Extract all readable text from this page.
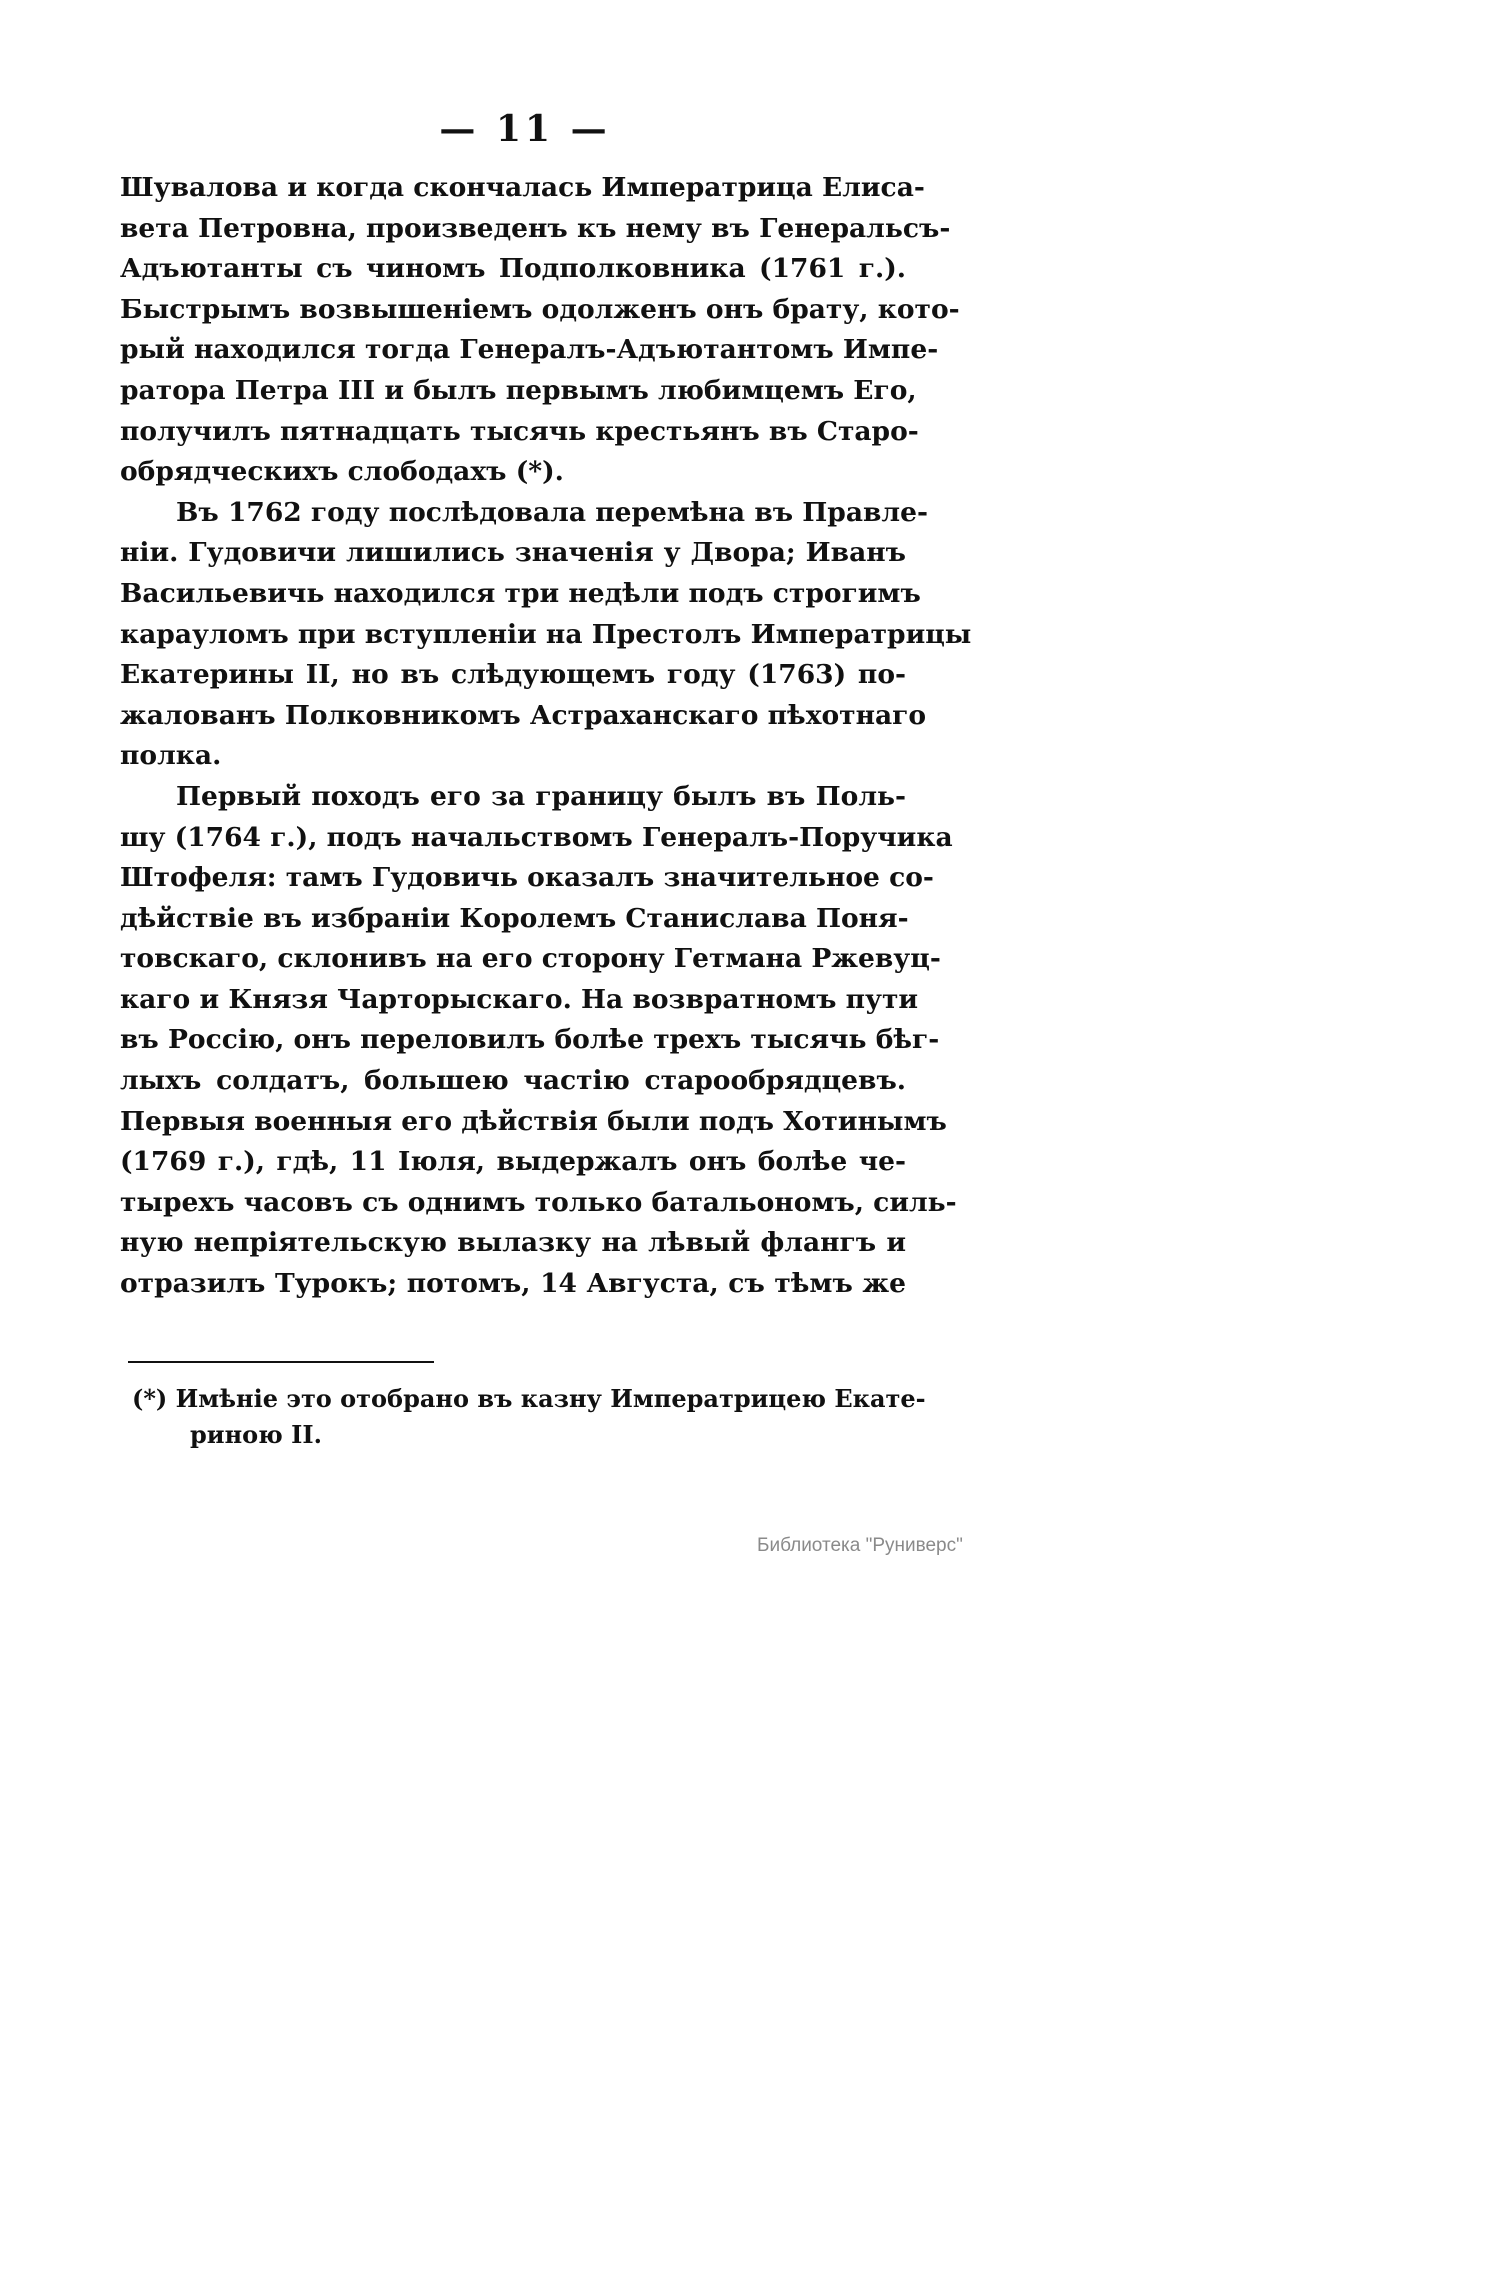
— 11 —
Шувалова и когда скончалась Императрица Елиса-
вета Петровна, произведенъ къ нему въ Генеральсъ-
Адъютанты съ чиномъ Подполковника (1761 г.).
Быстрымъ возвышеніемъ одолженъ онъ брату, кото-
рый находился тогда Генералъ-Адъютантомъ Импе-
ратора Петра III и былъ первымъ любимцемъ Его,
получилъ пятнадцать тысячь крестьянъ въ Старо-
обрядческихъ слободахъ (*).
Въ 1762 году послѣдовала перемѣна въ Правле-
ніи. Гудовичи лишились значенія у Двора; Иванъ
Васильевичь находился три недѣли подъ строгимъ
карауломъ при вступленіи на Престолъ Императрицы
Екатерины II, но въ слѣдующемъ году (1763) по-
жалованъ Полковникомъ Астраханскаго пѣхотнаго
полка.
Первый походъ его за границу былъ въ Поль-
шу (1764 г.), подъ начальствомъ Генералъ-Поручика
Штофеля: тамъ Гудовичь оказалъ значительное со-
дѣйствіе въ избраніи Королемъ Станислава Поня-
товскаго, склонивъ на его сторону Гетмана Ржевуц-
каго и Князя Чарторыскаго. На возвратномъ пути
въ Россію, онъ переловилъ болѣе трехъ тысячь бѣг-
лыхъ солдатъ, большею частію старообрядцевъ.
Первыя военныя его дѣйствія были подъ Хотинымъ
(1769 г.), гдѣ, 11 Іюля, выдержалъ онъ болѣе че-
тырехъ часовъ съ однимъ только батальономъ, силь-
ную непріятельскую вылазку на лѣвый флангъ и
отразилъ Турокъ; потомъ, 14 Августа, съ тѣмъ же
(*) Имѣніе это отобрано въ казну Императрицею Екате-
риною II.
Библиотека "Руниверс"
